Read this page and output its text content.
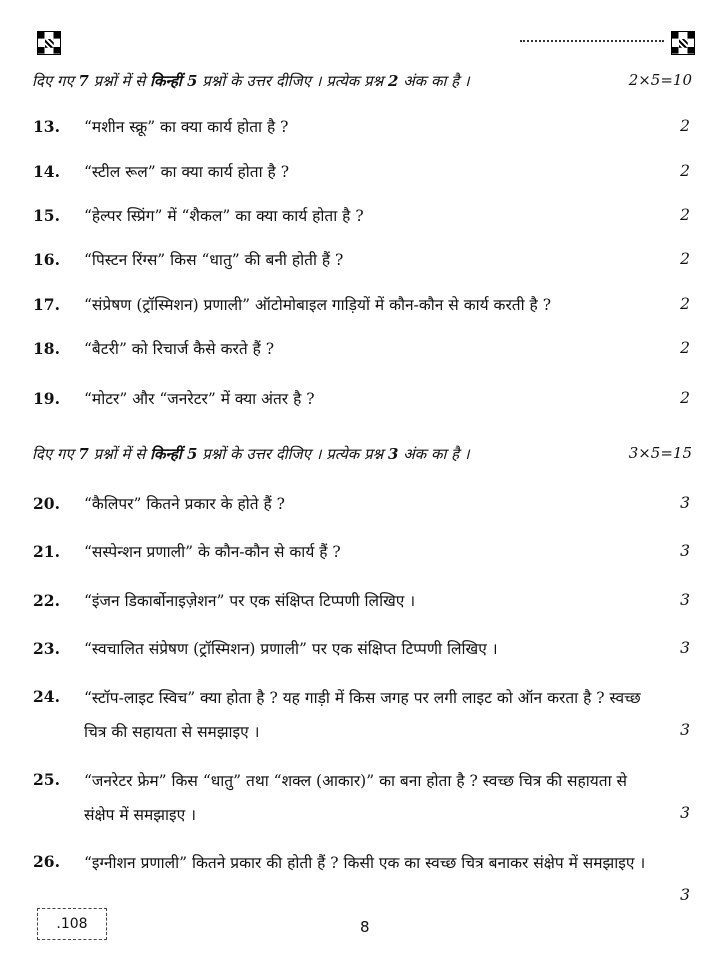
दिए गए 7 प्रश्नों में से किन्हीं 5 प्रश्नों के उत्तर दीजिए । प्रत्येक प्रश्न 2 अंक का है ।	2×5=10
13. “मशीन स्क्रू” का क्या कार्य होता है ?	2
14. “स्टील रूल” का क्या कार्य होता है ?	2
15. “हेल्पर स्प्रिंग” में “शैकल” का क्या कार्य होता है ?	2
16. “पिस्टन रिंग्स” किस “धातु” की बनी होती हैं ?	2
17. “संप्रेषण (ट्रॉस्मिशन) प्रणाली” ऑटोमोबाइल गाड़ियों में कौन-कौन से कार्य करती है ?	2
18. “बैटरी” को रिचार्ज कैसे करते हैं ?	2
19. “मोटर” और “जनरेटर” में क्या अंतर है ?	2
दिए गए 7 प्रश्नों में से किन्हीं 5 प्रश्नों के उत्तर दीजिए । प्रत्येक प्रश्न 3 अंक का है ।	3×5=15
20. “कैलिपर” कितने प्रकार के होते हैं ?	3
21. “सस्पेन्शन प्रणाली” के कौन-कौन से कार्य हैं ?	3
22. “इंजन डिकार्बोनाइज़ेशन” पर एक संक्षिप्त टिप्पणी लिखिए ।	3
23. “स्वचालित संप्रेषण (ट्रॉस्मिशन) प्रणाली” पर एक संक्षिप्त टिप्पणी लिखिए ।	3
24. “स्टॉप-लाइट स्विच” क्या होता है ? यह गाड़ी में किस जगह पर लगी लाइट को ऑन करता है ? स्वच्छ चित्र की सहायता से समझाइए ।	3
25. “जनरेटर फ्रेम” किस “धातु” तथा “शक्ल (आकार)” का बना होता है ? स्वच्छ चित्र की सहायता से संक्षेप में समझाइए ।	3
26. “इग्नीशन प्रणाली” कितने प्रकार की होती हैं ? किसी एक का स्वच्छ चित्र बनाकर संक्षेप में समझाइए ।
3
.108	8
